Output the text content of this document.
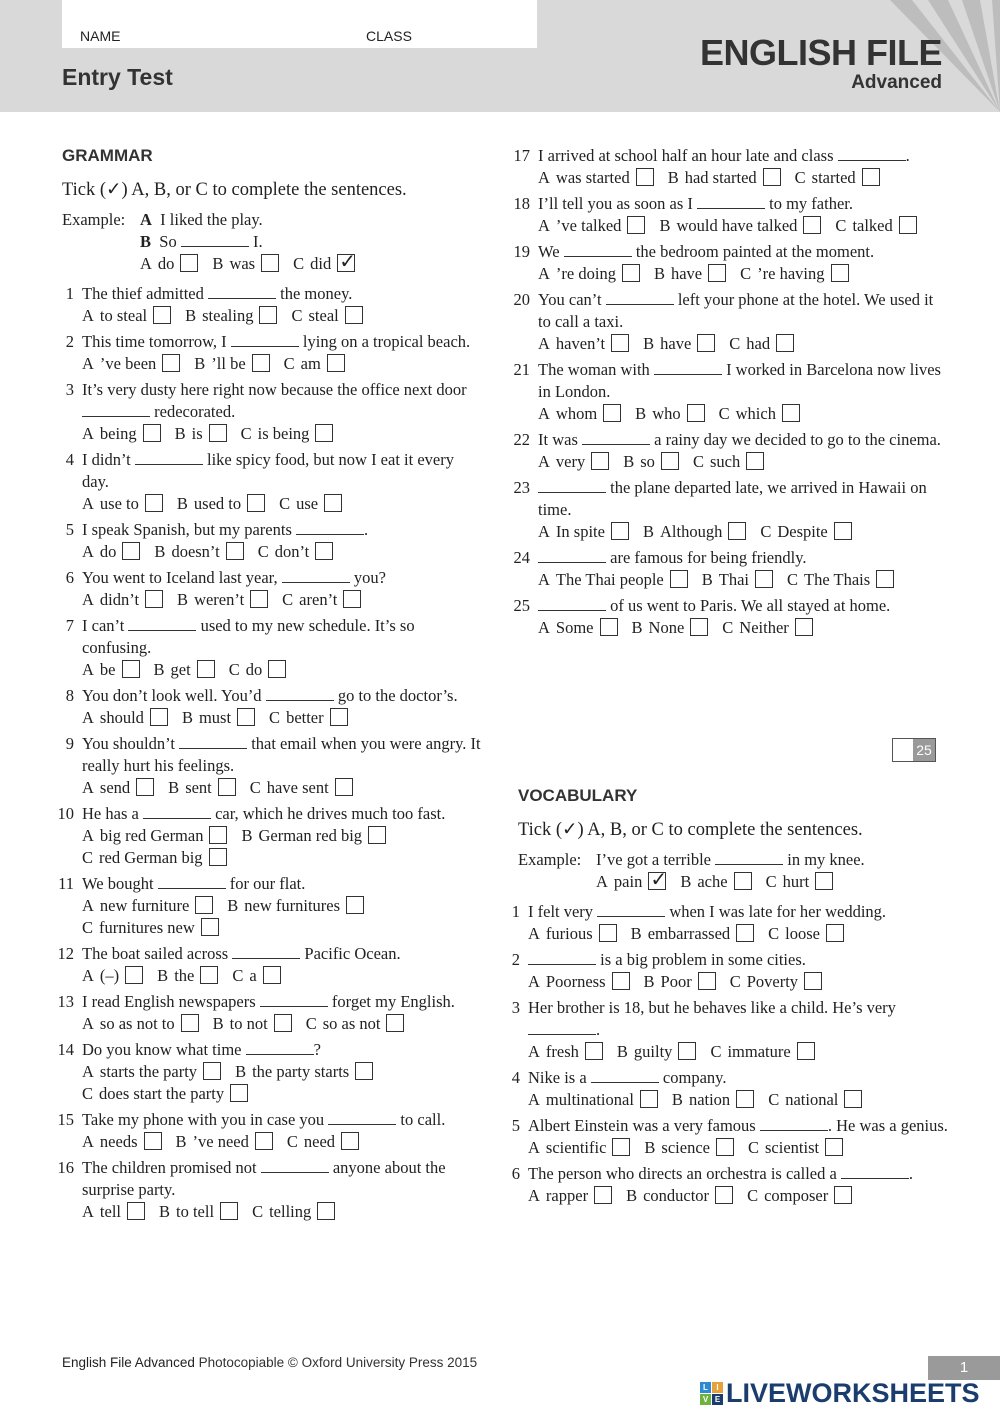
NAME	CLASS
Entry Test
ENGLISH FILE
Advanced
GRAMMAR
Tick (✓) A, B, or C to complete the sentences.
Example: A I liked the play.
B So	I.
A do	B was	C did✓
1 The thief admitted	the money.
A to steal	B stealing	C steal
2 This time tomorrow, I	lying on a tropical beach.
A ’ve been	B ’ll be	C am
3 It’s very dusty here right now because the office next door  redecorated.
A being	B is	C is being
4 I didn’t	like spicy food, but now I eat it every day.
A use to	B used to	C use
5 I speak Spanish, but my parents	.
A do	B doesn’t	C don’t
6 You went to Iceland last year,	you?
A didn’t	B weren’t	C aren’t
7 I can’t	used to my new schedule. It’s so confusing.
A be	B get	C do
8 You don’t look well. You’d	go to the doctor’s.
A should	B must	C better
9 You shouldn’t	that email when you were angry. It really hurt his feelings.
A send	B sent	C have sent
10 He has a	car, which he drives much too fast.
A big red German	B German red big
C red German big
11 We bought	for our flat.
A new furniture	B new furnitures
C furnitures new
12 The boat sailed across	Pacific Ocean.
A (–)	B the	C a
13 I read English newspapers	forget my English.
A so as not to	B to not	C so as not
14 Do you know what time	?
A starts the party	B the party starts
C does start the party
15 Take my phone with you in case you	to call.
A needs	B ’ve need	C need
16 The children promised not	anyone about the surprise party.
A tell	B to tell	C telling
17 I arrived at school half an hour late and class	.
A was started	B had started	C started
18 I’ll tell you as soon as I	to my father.
A ’ve talked	B would have talked	C talked
19 We	the bedroom painted at the moment.
A ’re doing	B have	C ’re having
20 You can’t	left your phone at the hotel. We used it to call a taxi.
A haven’t	B have	C had
21 The woman with	I worked in Barcelona now lives in London.
A whom	B who	C which
22 It was	a rainy day we decided to go to the cinema.
A very	B so	C such
23	the plane departed late, we arrived in Hawaii on time.
A In spite	B Although	C Despite
24	are famous for being friendly.
A The Thai people	B Thai	C The Thais
25	of us went to Paris. We all stayed at home.
A Some	B None	C Neither
25
VOCABULARY
Tick (✓) A, B, or C to complete the sentences.
Example: I’ve got a terrible	in my knee.
A pain✓	B ache	C hurt
1 I felt very	when I was late for her wedding.
A furious	B embarrassed	C loose
2	is a big problem in some cities.
A Poorness	B Poor	C Poverty
3 Her brother is 18, but he behaves like a child. He’s very .
A fresh	B guilty	C immature
4 Nike is a	company.
A multinational	B nation	C national
5 Albert Einstein was a very famous	. He was a genius.
A scientific	B science	C scientist
6 The person who directs an orchestra is called a	.
A rapper	B conductor	C composer
English File Advanced Photocopiable © Oxford University Press 2015	1
L	I
V E LIVEWORKSHEETS
